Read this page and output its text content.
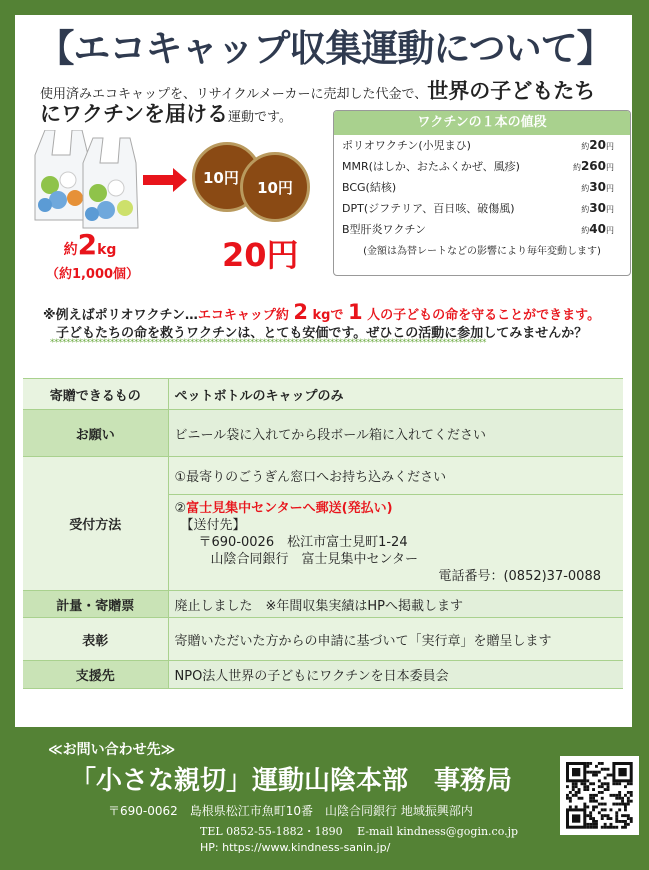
【エコキャップ収集運動について】
使用済みエコキャップを、リサイクルメーカーに売却した代金で、世界の子どもたち
にワクチンを届ける運動です。
10円
10円
約2kg
（約1,000個）
20円
ワクチンの１本の値段
ポリオワクチン(小児まひ)	約20円
MMR(はしか、おたふくかぜ、風疹)	約260円
BCG(結核)	約30円
DPT(ジフテリア、百日咳、破傷風)	約30円
B型肝炎ワクチン	約40円
(金額は為替レートなどの影響により毎年変動します)
※例えばポリオワクチン…エコキャップ約 2 kgで 1 人の子どもの命を守ることができます。
子どもたちの命を救うワクチンは、とても安価です。ぜひこの活動に参加してみませんか？
*************************************************************************************************************
寄贈できるもの	ペットボトルのキャップのみ
お願い	ビニール袋に入れてから段ボール箱に入れてください
受付方法	①最寄りのごうぎん窓口へお持ち込みください

	②富士見集中センターへ郵送(発払い)
【送付先】
〒690-0026　松江市富士見町1-24
山陰合同銀行　富士見集中センター
電話番号：(0852)37-0088

計量・寄贈票	廃止しました　※年間収集実績はHPへ掲載します
表彰	寄贈いただいた方からの申請に基づいて「実行章」を贈呈します
支援先	NPO法人世界の子どもにワクチンを日本委員会
≪お問い合わせ先≫
「小さな親切」運動山陰本部　事務局
〒690-0062　島根県松江市魚町10番　山陰合同銀行 地域振興部内
TEL 0852-55-1882・1890　 E-mail kindness@gogin.co.jp
HP: https://www.kindness-sanin.jp/
